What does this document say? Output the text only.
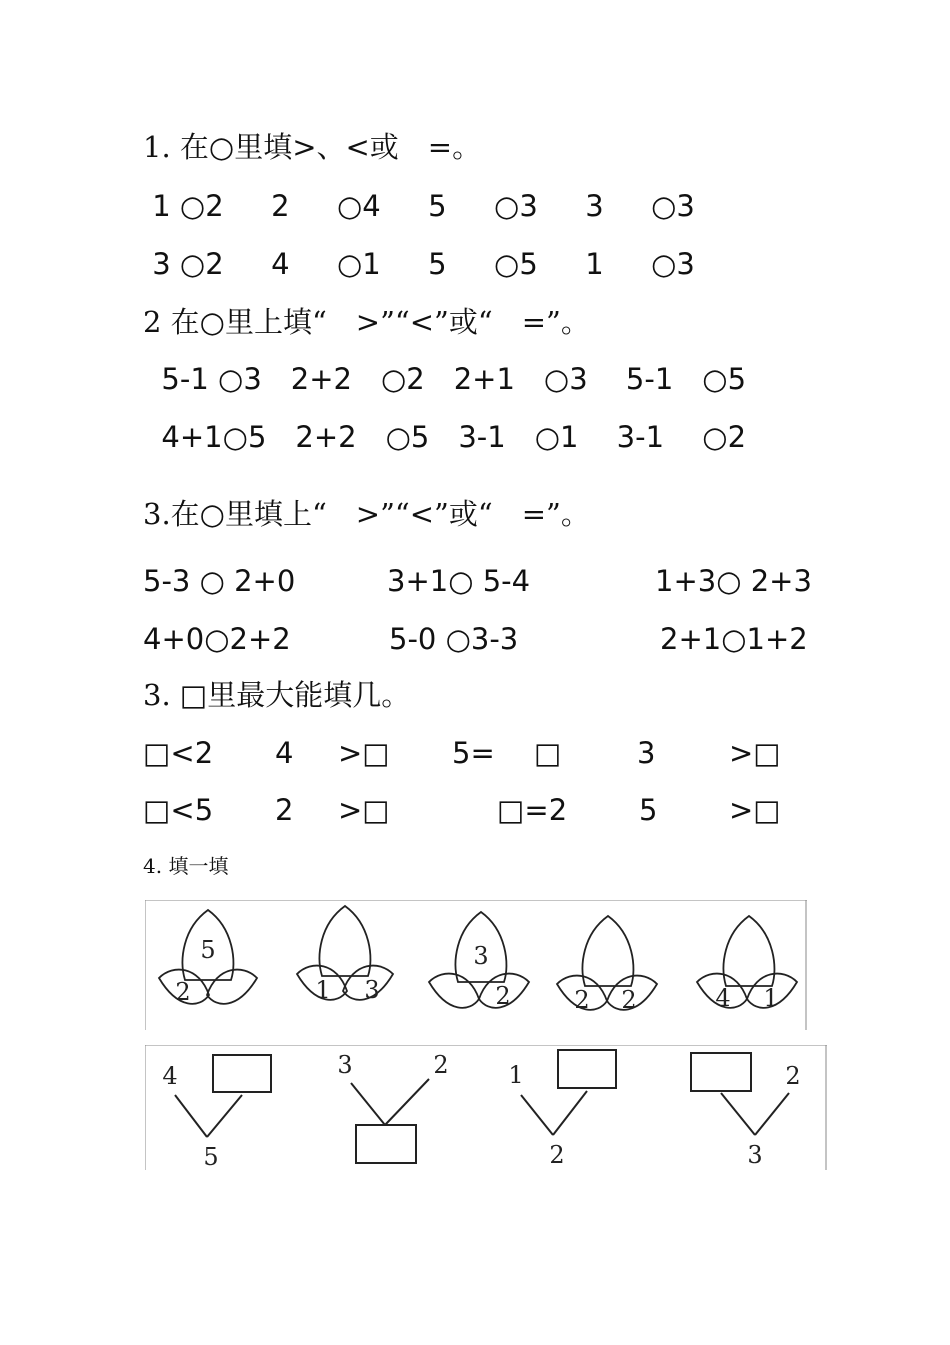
1. 在○里填>、<或　=。
1 ○2　  2　  ○4　  5　  ○3　  3　  ○3
3 ○2　  4　  ○1　  5　  ○5　  1　  ○3
2 在○里上填“　>”“<”或“　=”。
5-1 ○3　2+2　○2　2+1　○3　 5-1　○5
4+1○5　2+2　○5　3-1　○1　 3-1　 ○2
3.在○里填上“　>”“<”或“　=”。
5-3 ○ 2+0	3+1○ 5-4	1+3○ 2+3
4+0○2+2	5-0 ○3-3	2+1○1+2
3. □里最大能填几。
□<2 4 >□ 5= □	3	>□
□<5 2 >□	□=2 5 >□
4. 填一填
5
2	1 3
3
2	2 2	4 1
4
5
3	2 1
2
2
3
